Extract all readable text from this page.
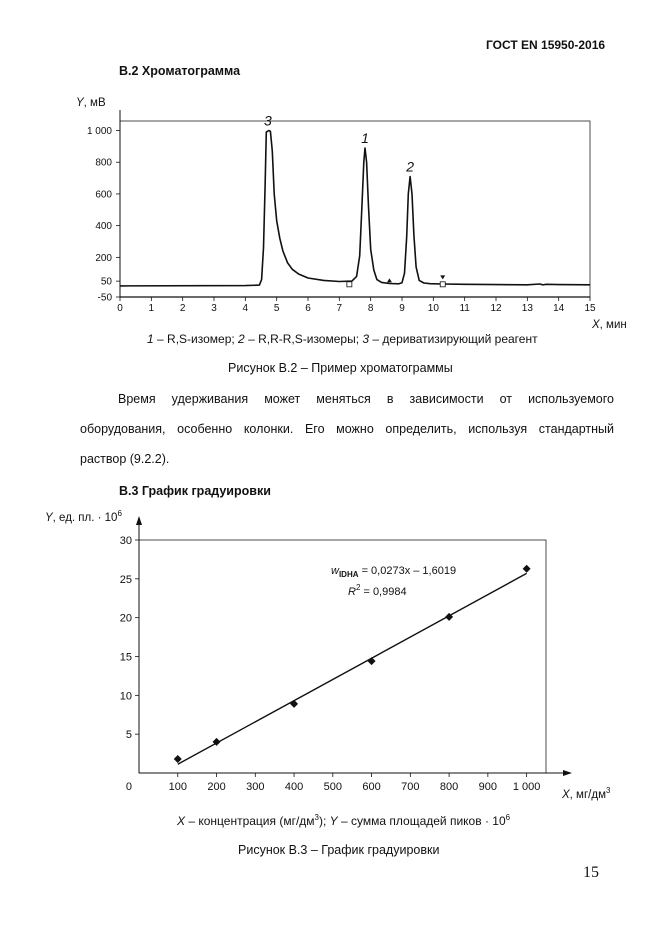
ГОСТ EN 15950-2016
B.2 Хроматограмма
0	1	2	3	4	5	6	7	8	9 10 11 12 13 14 15
-50
50
200
400
600
800
1 000
Y, мВ
X, мин
3
1
2
100 200 300 400 500 600 700 800 900 1 000
0
5
10
15
20
25
30
Y, ед. пл. · $10^6$
X, $мг/дм^3$
$w_{IDHA} = 0,0273x - 1,6019$
$R^2 = 0,9984$
1 – R,S-изомер; 2 – R,R-R,S-изомеры; 3 – дериватизирующий реагент
Рисунок В.2 – Пример хроматограммы
Время удерживания может меняться в зависимости от используемого
оборудования, особенно колонки. Его можно определить, используя стандартный
раствор (9.2.2).
B.3 График градуировки
X – концентрация $(мг/дм^3)$; Y – сумма площадей пиков · $10^6$
Рисунок В.3 – График градуировки
15
